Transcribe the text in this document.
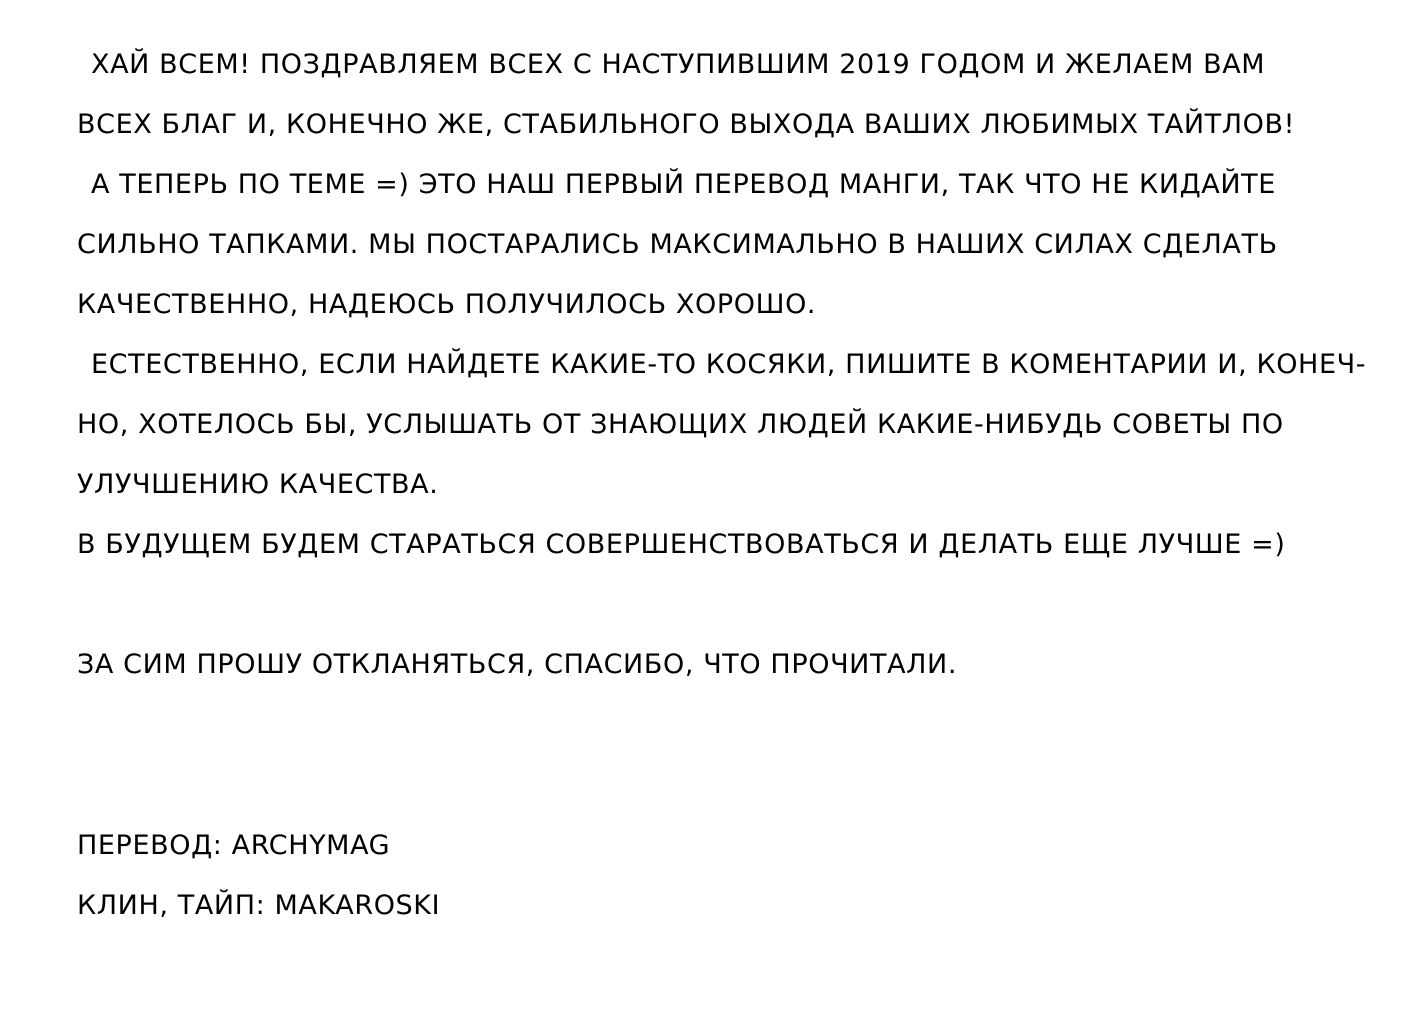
ХАЙ ВСЕМ! ПОЗДРАВЛЯЕМ ВСЕХ С НАСТУПИВШИМ 2019 ГОДОМ И ЖЕЛАЕМ ВАМ
ВСЕХ БЛАГ И, КОНЕЧНО ЖЕ, СТАБИЛЬНОГО ВЫХОДА ВАШИХ ЛЮБИМЫХ ТАЙТЛОВ!
А ТЕПЕРЬ ПО ТЕМЕ =) ЭТО НАШ ПЕРВЫЙ ПЕРЕВОД МАНГИ, ТАК ЧТО НЕ КИДАЙТЕ
СИЛЬНО ТАПКАМИ. МЫ ПОСТАРАЛИСЬ МАКСИМАЛЬНО В НАШИХ СИЛАХ СДЕЛАТЬ
КАЧЕСТВЕННО, НАДЕЮСЬ ПОЛУЧИЛОСЬ ХОРОШО.
ЕСТЕСТВЕННО, ЕСЛИ НАЙДЕТЕ КАКИЕ-ТО КОСЯКИ, ПИШИТЕ В КОМЕНТАРИИ И, КОНЕЧ-
НО, ХОТЕЛОСЬ БЫ, УСЛЫШАТЬ ОТ ЗНАЮЩИХ ЛЮДЕЙ КАКИЕ-НИБУДЬ СОВЕТЫ ПО
УЛУЧШЕНИЮ КАЧЕСТВА.
В БУДУЩЕМ БУДЕМ СТАРАТЬСЯ СОВЕРШЕНСТВОВАТЬСЯ И ДЕЛАТЬ ЕЩЕ ЛУЧШЕ =)
ЗА СИМ ПРОШУ ОТКЛАНЯТЬСЯ, СПАСИБО, ЧТО ПРОЧИТАЛИ.
ПЕРЕВОД: ARCHYMAG
КЛИН, ТАЙП: MAKAROSKI
